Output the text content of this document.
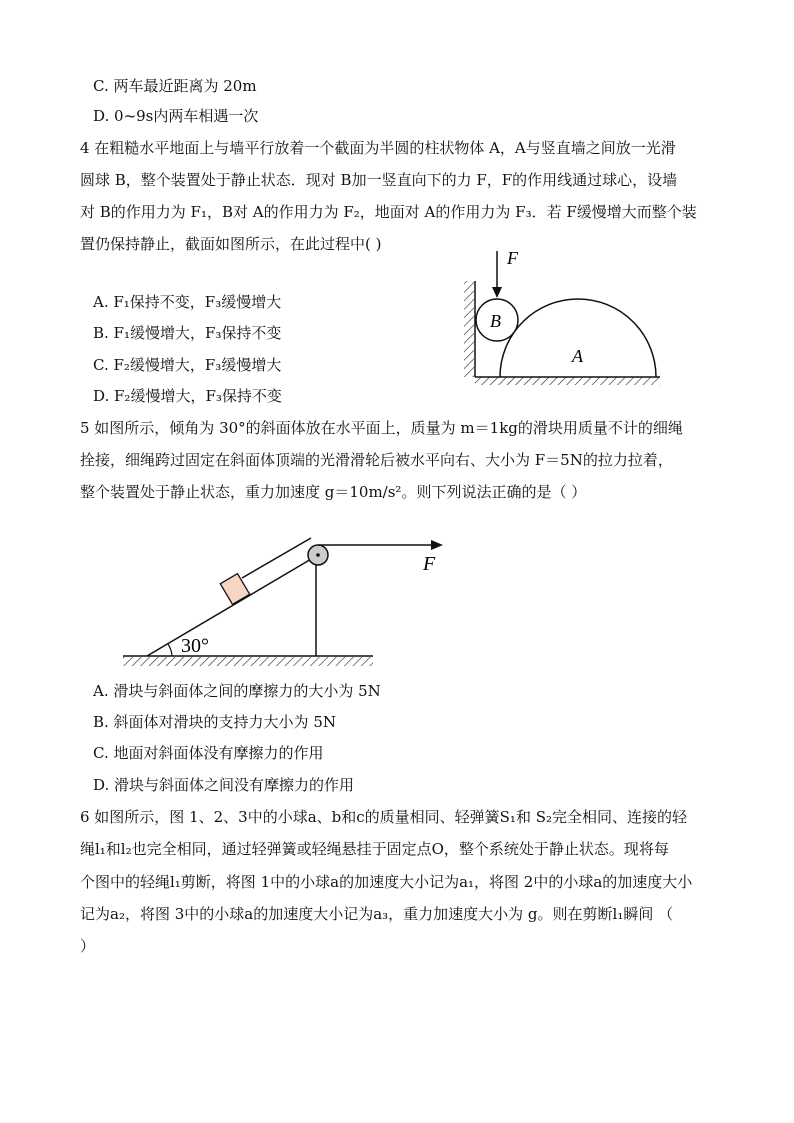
C. 两车最近距离为 20m
D. 0~9s内两车相遇一次
4 在粗糙水平地面上与墙平行放着一个截面为半圆的柱状物体 A，A与竖直墙之间放一光滑
圆球 B，整个装置处于静止状态．现对 B加一竖直向下的力 F，F的作用线通过球心，设墙
对 B的作用力为 F₁，B对 A的作用力为 F₂，地面对 A的作用力为 F₃．若 F缓慢增大而整个装
置仍保持静止，截面如图所示，在此过程中( )
A. F₁保持不变，F₃缓慢增大
B. F₁缓慢增大，F₃保持不变
C. F₂缓慢增大，F₃缓慢增大
D. F₂缓慢增大，F₃保持不变
F
B
A
5 如图所示，倾角为 30°的斜面体放在水平面上，质量为 m＝1kg的滑块用质量不计的细绳
拴接，细绳跨过固定在斜面体顶端的光滑滑轮后被水平向右、大小为 F＝5N的拉力拉着，
整个装置处于静止状态，重力加速度 g＝10m/s²。则下列说法正确的是（ ）
30°
F
A. 滑块与斜面体之间的摩擦力的大小为 5N
B. 斜面体对滑块的支持力大小为 5N
C. 地面对斜面体没有摩擦力的作用
D. 滑块与斜面体之间没有摩擦力的作用
6 如图所示，图 1、2、3中的小球a、b和c的质量相同、轻弹簧S₁和 S₂完全相同、连接的轻
绳l₁和l₂也完全相同，通过轻弹簧或轻绳悬挂于固定点O，整个系统处于静止状态。现将每
个图中的轻绳l₁剪断，将图 1中的小球a的加速度大小记为a₁，将图 2中的小球a的加速度大小
记为a₂，将图 3中的小球a的加速度大小记为a₃，重力加速度大小为 g。则在剪断l₁瞬间 （
）
